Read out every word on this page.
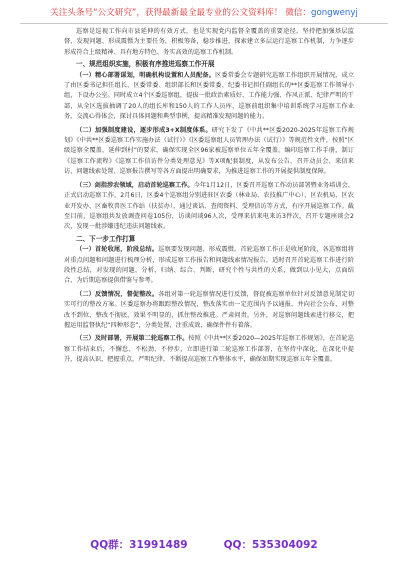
关注头条号“公文研究”，获得最新最全最专业的公文资料库！ 微信：gongwenyj

巡察是巡视工作向市县延伸的有效方式，也是实现党内监督全覆盖的重要途径。坚持把加强基层监督、发现问题、形成震慑为主要任务，积极筹备，稳步推进，探索建立多层运行巡察工作机制，力争逐步形成符合上级精神、具有地方特色、务实高效的巡察工作机制。

一、规范组织实施，积极有序推进巡察工作开展

（一）精心部署谋划，明确机构设置和人员配备。区委常委会专题研究巡察工作组织开展情况，成立了由区委书记担任组长，区委常委、组织部长和区委常委、纪委书记担任副组长的**区委巡察工作领导小组，下设办公室。同时成立4个区委巡察组，提拔一批政治素质好、工作能力强、作风正派、纪律严明的干部，从全区选拔抽调了20人的组长库和150人的工作人员库，巡察前组织集中培训系统学习巡察工作业务，交流心得体会，探讨具体问题和典型事例，提高精准发现问题的能力。

（二）加强制度建设，逐步形成3+X制度体系。研究下发了《中共**区委2020-2025年巡察工作规划》《中共**区委巡察工作实施办法（试行）》《区委巡察组人员管理办法（试行）》等规范性文件，按照“区级巡察全覆盖，延伸到村”的要求，确保实现全区96家被巡察单位五年全覆盖。编印巡察工作手册，制订《巡察工作流程》《巡察工作信访件分类处理意见》等X项配套制度，从发布公告、召开动员会、来信来访、问题线索处置、巡察报告撰写等各方面提出明确要求，为推进巡察工作的开展提供制度保障。

（三）剑指涉农领域，启动首轮巡察工作。今年1月12日，区委召开巡察工作动员部署暨业务培训会，正式启动巡察工作，2月6日，区委4个巡察组分别进驻区农委（林业局、农技推广中心）、区农机局、区农业开发办、区畜牧兽医工作站（扶贫办），通过谈话、查阅资料、受理信访等方式，有序开展巡察工作。截至目前，巡察组共发放调查问卷105份，访谈问谈96人次，受理来信来电来访3件次，召开专题座谈会2次，发现一批涉嫌违纪违法问题线索。

二、下一步工作打算

（一）首轮收尾，阶段总结。巡察要发现问题、形成震慑。首轮巡察工作正是收尾阶段，各巡察组将对重点问题和问题进行梳理分析，形成巡察工作报告和问题线索情况报告，适时召开首轮巡察工作进行阶段性总结，对发现的问题，分析、归纳、综合、判断，研究个性与共性的关系，做到以小见大，点面结合，为后期巡察提供借鉴与参考。

（二）反馈情况，督促整改。各组对第一轮巡察情况进行反馈，督促被巡察单位针对反馈意见制定切实可行的整改方案。区委巡察办将跟踪整改情况，整改落实由一定范围内予以通报，并向社会公布，对整改不到位、整改不彻底、效果不明显的，抓住整改推进。严肃问责。另外，对巡察问题线索进行移交，把握运用监督执纪“四种形态”，分类处置，注重成效，确保件件有着落。

（三）及时部署，开展第二轮巡察工作。按照《中共**区委2020—2025年巡察工作规划》，在首轮巡察工作结束后，不懈怠、不松劲、不停步，立即进行第二轮巡察工作部署，在坚持中深化、在深化中提升，提高认识，把握重点，严明纪律，不断提高巡察工作整体水平，确保如期实现巡察五年全覆盖。

QQ群：31991489	QQ：535304092
